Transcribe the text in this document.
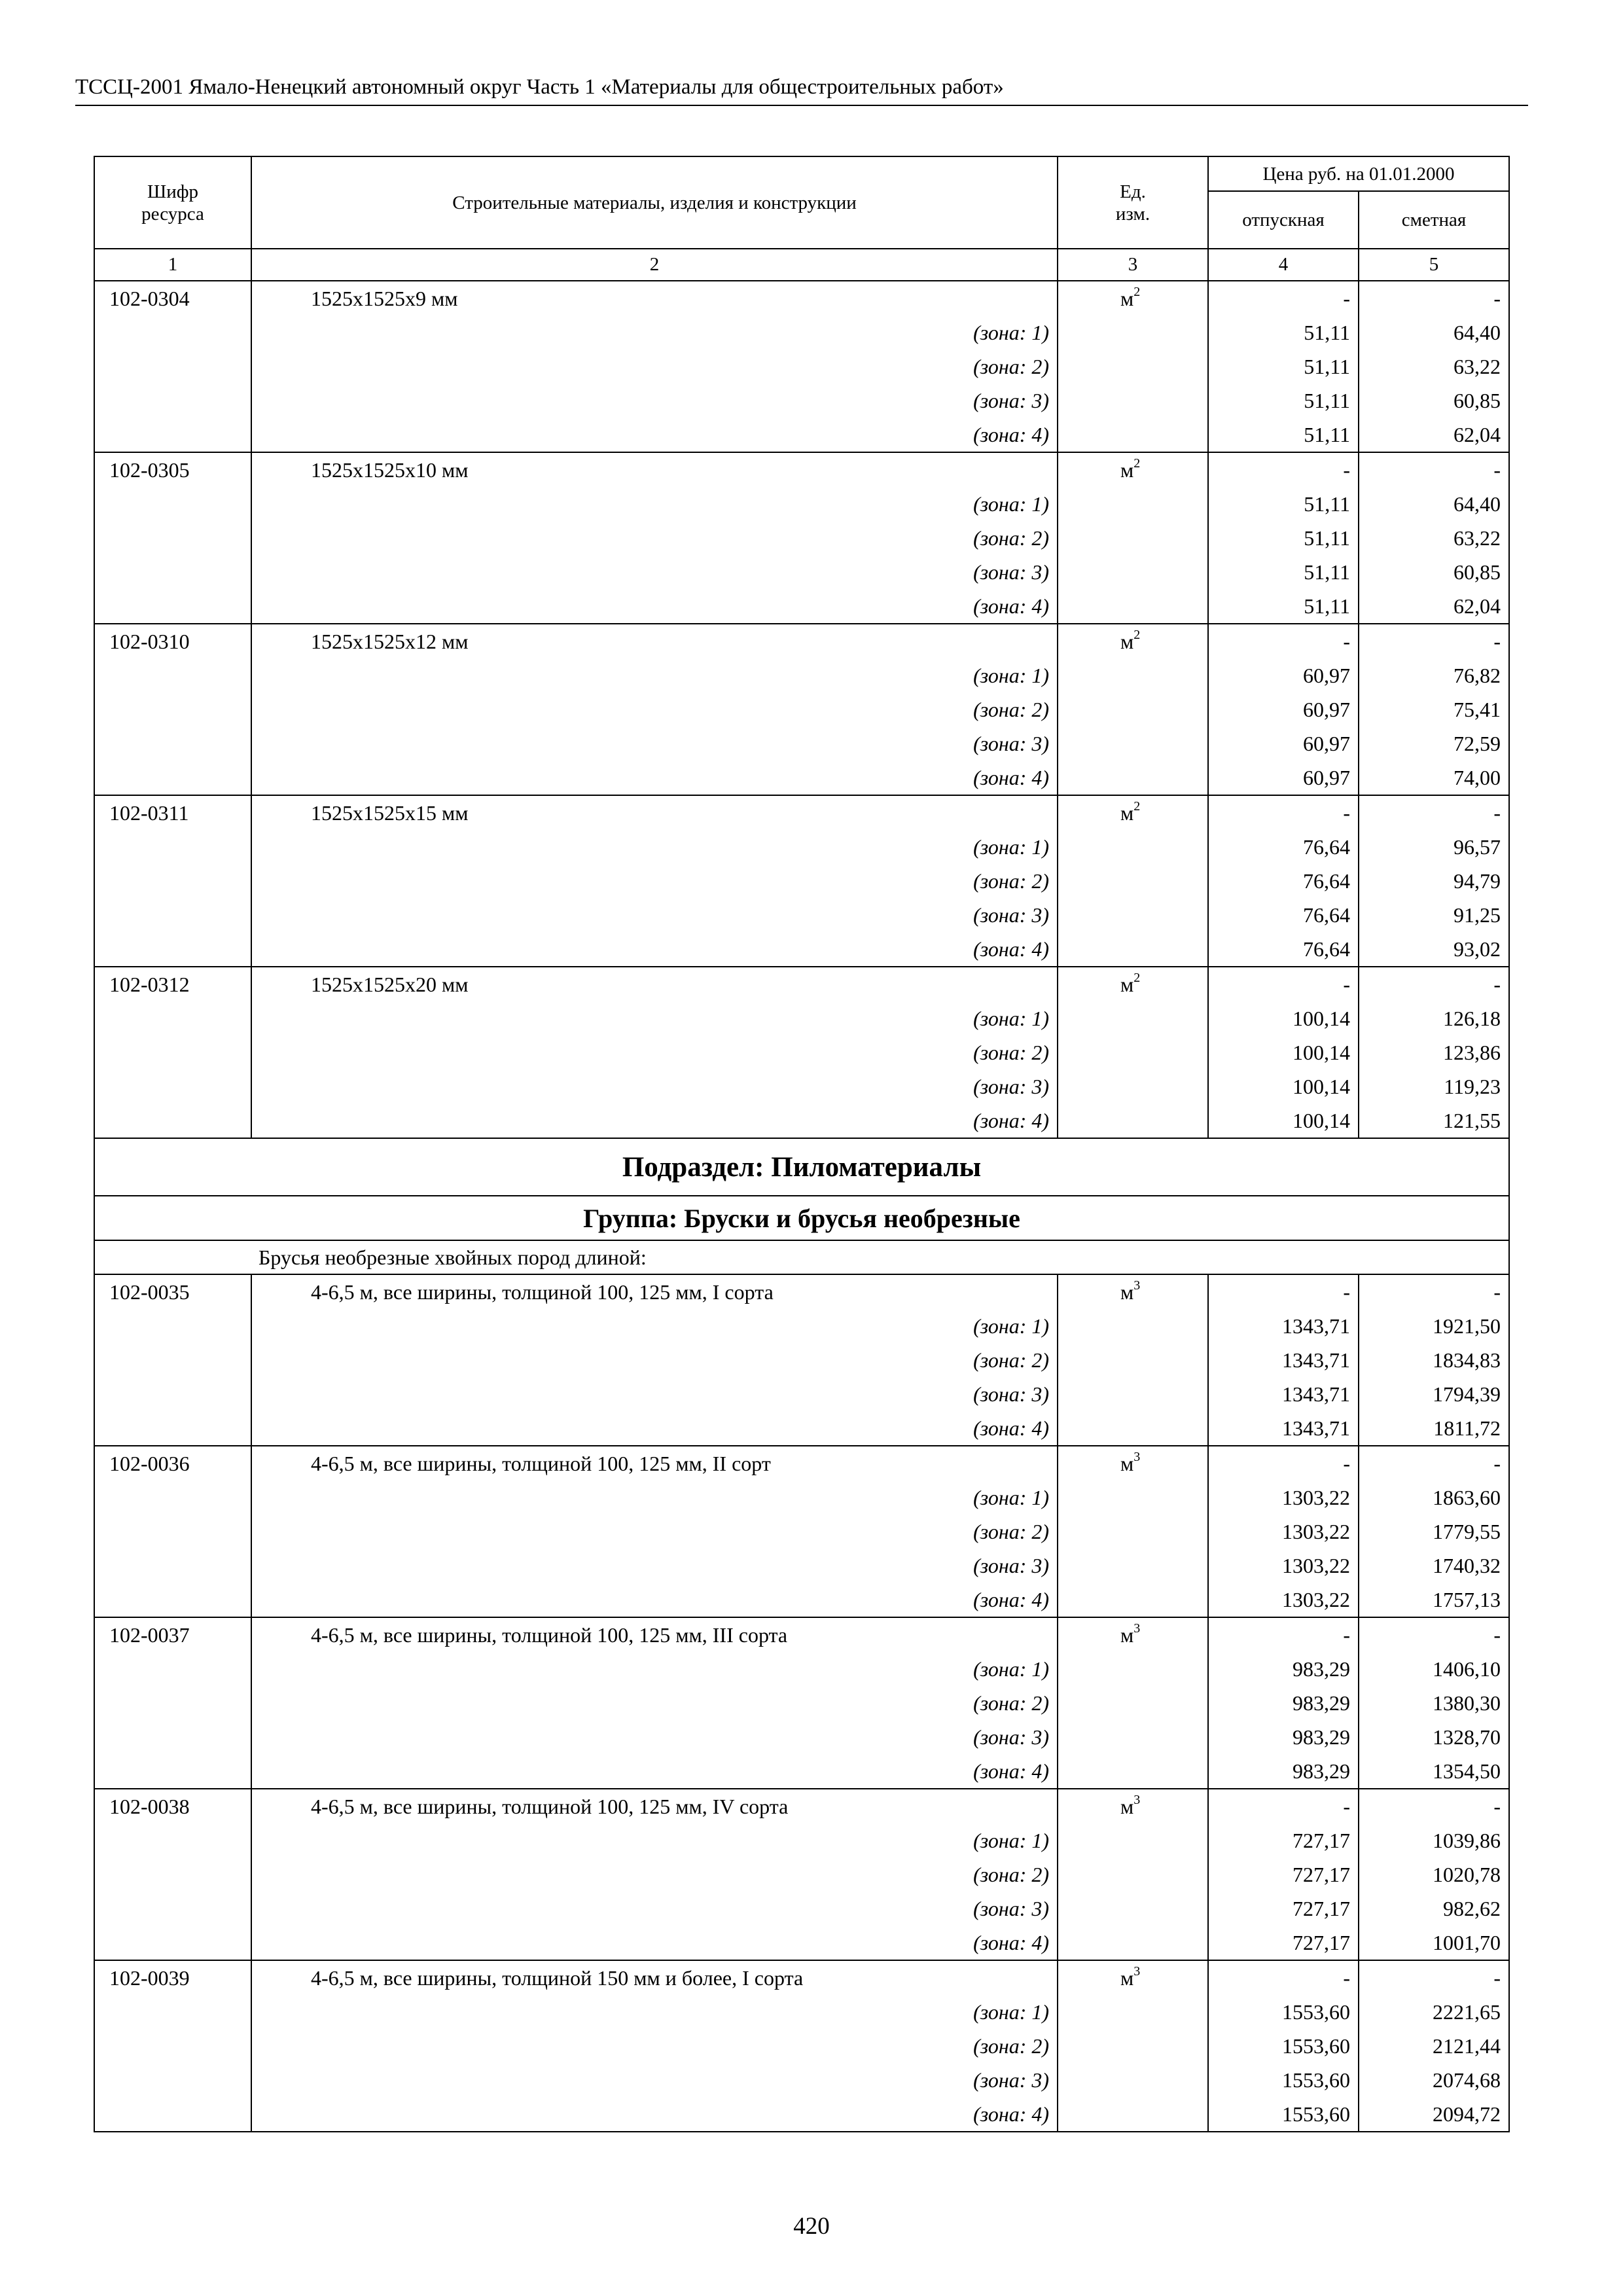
ТССЦ-2001 Ямало-Ненецкий автономный округ Часть 1 «Материалы для общестроительных работ»
Шифр ресурса	Строительные материалы, изделия и конструкции	Ед. изм.	Цена руб. на 01.01.2000	
			отпускная	сметная
1	2	3	4	5
102-0304	1525х1525х9 мм	$м^2$	-	-
	(зона: 1)		51,11	64,40
	(зона: 2)		51,11	63,22
	(зона: 3)		51,11	60,85
	(зона: 4)		51,11	62,04
102-0305	1525х1525х10 мм	$м^2$	-	-
	(зона: 1)		51,11	64,40
	(зона: 2)		51,11	63,22
	(зона: 3)		51,11	60,85
	(зона: 4)		51,11	62,04
102-0310	1525х1525х12 мм	$м^2$	-	-
	(зона: 1)		60,97	76,82
	(зона: 2)		60,97	75,41
	(зона: 3)		60,97	72,59
	(зона: 4)		60,97	74,00
102-0311	1525х1525х15 мм	$м^2$	-	-
	(зона: 1)		76,64	96,57
	(зона: 2)		76,64	94,79
	(зона: 3)		76,64	91,25
	(зона: 4)		76,64	93,02
102-0312	1525х1525х20 мм	$м^2$	-	-
	(зона: 1)		100,14	126,18
	(зона: 2)		100,14	123,86
	(зона: 3)		100,14	119,23
	(зона: 4)		100,14	121,55
Подраздел: Пиломатериалы				
Группа: Бруски и брусья необрезные				
Брусья необрезные хвойных пород длиной:				
102-0035	4-6,5 м, все ширины, толщиной 100, 125 мм, I сорта	$м^3$	-	-
	(зона: 1)		1343,71	1921,50
	(зона: 2)		1343,71	1834,83
	(зона: 3)		1343,71	1794,39
	(зона: 4)		1343,71	1811,72
102-0036	4-6,5 м, все ширины, толщиной 100, 125 мм, II сорт	$м^3$	-	-
	(зона: 1)		1303,22	1863,60
	(зона: 2)		1303,22	1779,55
	(зона: 3)		1303,22	1740,32
	(зона: 4)		1303,22	1757,13
102-0037	4-6,5 м, все ширины, толщиной 100, 125 мм, III сорта	$м^3$	-	-
	(зона: 1)		983,29	1406,10
	(зона: 2)		983,29	1380,30
	(зона: 3)		983,29	1328,70
	(зона: 4)		983,29	1354,50
102-0038	4-6,5 м, все ширины, толщиной 100, 125 мм, IV сорта	$м^3$	-	-
	(зона: 1)		727,17	1039,86
	(зона: 2)		727,17	1020,78
	(зона: 3)		727,17	982,62
	(зона: 4)		727,17	1001,70
102-0039	4-6,5 м, все ширины, толщиной 150 мм и более, I сорта	$м^3$	-	-
	(зона: 1)		1553,60	2221,65
	(зона: 2)		1553,60	2121,44
	(зона: 3)		1553,60	2074,68
	(зона: 4)		1553,60	2094,72
420
